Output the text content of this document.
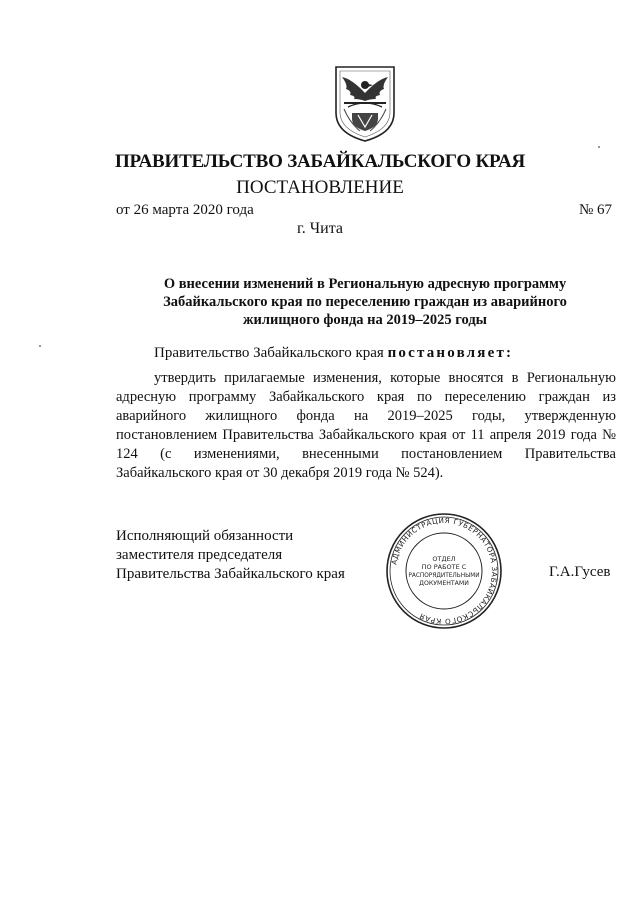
ПРАВИТЕЛЬСТВО ЗАБАЙКАЛЬСКОГО КРАЯ
ПОСТАНОВЛЕНИЕ
от 26 марта 2020 года	№ 67
г. Чита
О внесении изменений в Региональную адресную программу Забайкальского края по переселению граждан из аварийного жилищного фонда на 2019–2025 годы
Правительство Забайкальского края постановляет:
утвердить прилагаемые изменения, которые вносятся в Региональную адресную программу Забайкальского края по переселению граждан из аварийного жилищного фонда на 2019–2025 годы, утвержденную постановлением Правительства Забайкальского края от 11 апреля 2019 года № 124 (с изменениями, внесенными постановлением Правительства Забайкальского края от 30 декабря 2019 года № 524).
Исполняющий обязанности
заместителя председателя
Правительства Забайкальского края
АДМИНИСТРАЦИЯ ГУБЕРНАТОРА ЗАБАЙКАЛЬСКОГО КРАЯ
ОТДЕЛ
ПО РАБОТЕ С
РАСПОРЯДИТЕЛЬНЫМИ
ДОКУМЕНТАМИ
Г.А.Гусев
